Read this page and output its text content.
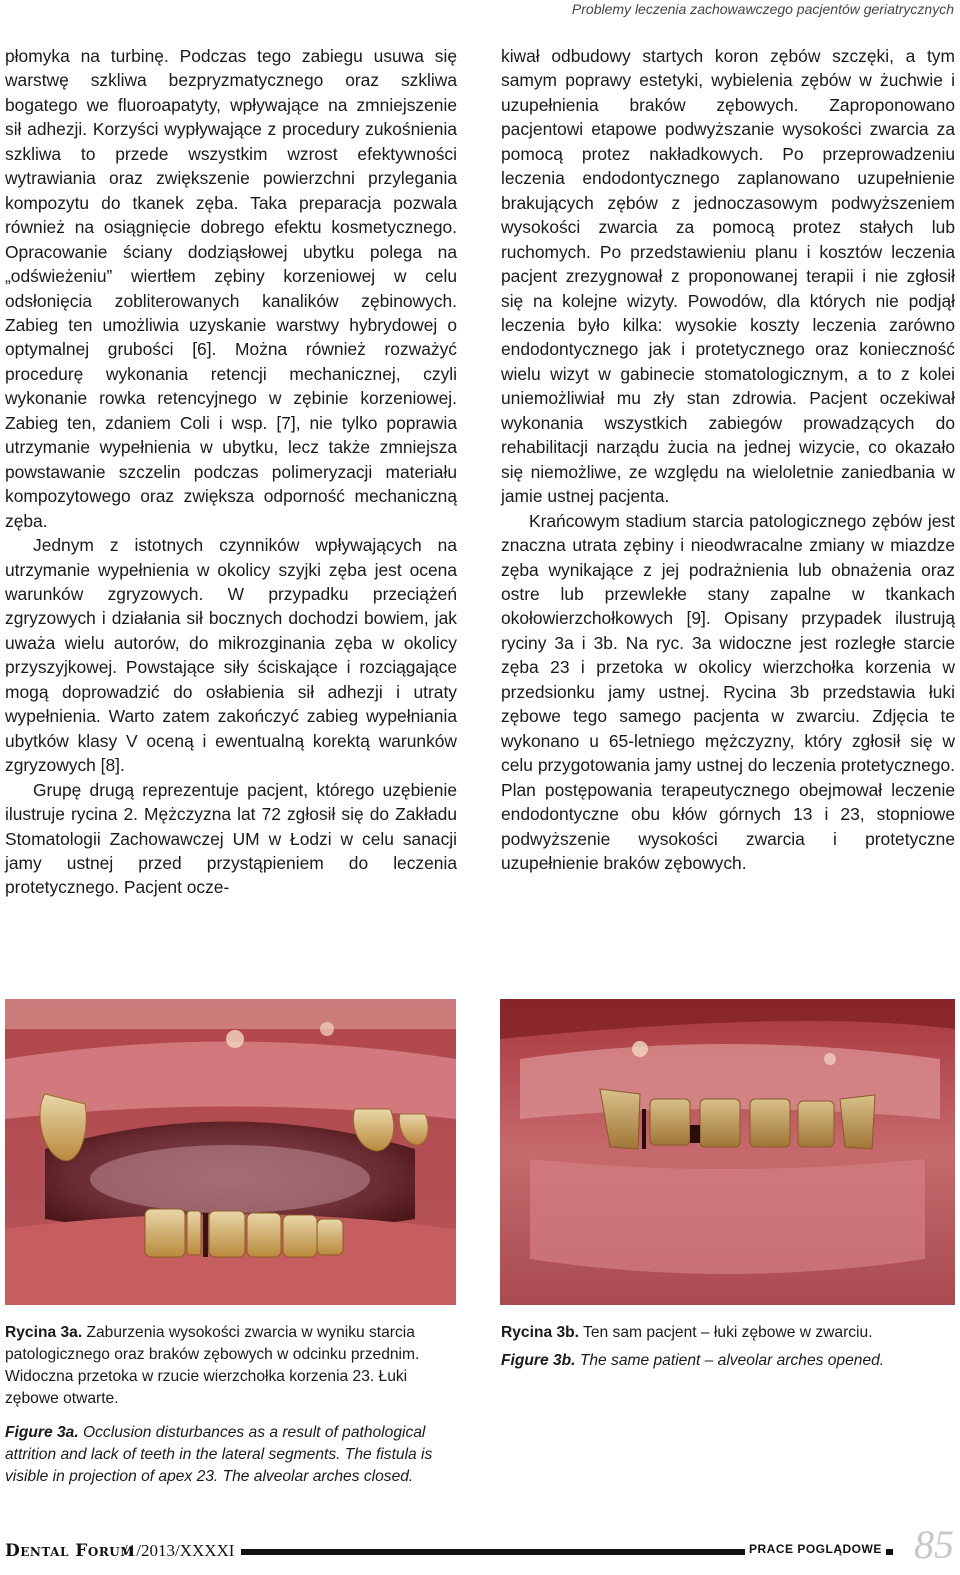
Problemy leczenia zachowawczego pacjentów geriatrycznych

płomyka na turbinę. Podczas tego zabiegu usuwa się warstwę szkliwa bezpryzmatycznego oraz szkliwa bogatego we fluoroapatyty, wpływające na zmniejszenie sił adhezji. Korzyści wypływające z procedury zukośnienia szkliwa to przede wszystkim wzrost efektywności wytrawiania oraz zwiększenie powierzchni przylegania kompozytu do tkanek zęba. Taka preparacja pozwala również na osiągnięcie dobrego efektu kosmetycznego. Opracowanie ściany dodziąsłowej ubytku polega na „odświeżeniu” wiertłem zębiny korzeniowej w celu odsłonięcia zobliterowanych kanalików zębinowych. Zabieg ten umożliwia uzyskanie warstwy hybrydowej o optymalnej grubości [6]. Można również rozważyć procedurę wykonania retencji mechanicznej, czyli wykonanie rowka retencyjnego w zębinie korzeniowej. Zabieg ten, zdaniem Coli i wsp. [7], nie tylko poprawia utrzymanie wypełnienia w ubytku, lecz także zmniejsza powstawanie szczelin podczas polimeryzacji materiału kompozytowego oraz zwiększa odporność mechaniczną zęba.

Jednym z istotnych czynników wpływających na utrzymanie wypełnienia w okolicy szyjki zęba jest ocena warunków zgryzowych. W przypadku przeciążeń zgryzowych i działania sił bocznych dochodzi bowiem, jak uważa wielu autorów, do mikrozginania zęba w okolicy przyszyjkowej. Powstające siły ściskające i rozciągające mogą doprowadzić do osłabienia sił adhezji i utraty wypełnienia. Warto zatem zakończyć zabieg wypełniania ubytków klasy V oceną i ewentualną korektą warunków zgryzowych [8].

Grupę drugą reprezentuje pacjent, którego uzębienie ilustruje rycina 2. Mężczyzna lat 72 zgłosił się do Zakładu Stomatologii Zachowawczej UM w Łodzi w celu sanacji jamy ustnej przed przystąpieniem do leczenia protetycznego. Pacjent ocze-

kiwał odbudowy startych koron zębów szczęki, a tym samym poprawy estetyki, wybielenia zębów w żuchwie i uzupełnienia braków zębowych. Zaproponowano pacjentowi etapowe podwyższanie wysokości zwarcia za pomocą protez nakładkowych. Po przeprowadzeniu leczenia endodontycznego zaplanowano uzupełnienie brakujących zębów z jednoczasowym podwyższeniem wysokości zwarcia za pomocą protez stałych lub ruchomych. Po przedstawieniu planu i kosztów leczenia pacjent zrezygnował z proponowanej terapii i nie zgłosił się na kolejne wizyty. Powodów, dla których nie podjął leczenia było kilka: wysokie koszty leczenia zarówno endodontycznego jak i protetycznego oraz konieczność wielu wizyt w gabinecie stomatologicznym, a to z kolei uniemożliwiał mu zły stan zdrowia. Pacjent oczekiwał wykonania wszystkich zabiegów prowadzących do rehabilitacji narządu żucia na jednej wizycie, co okazało się niemożliwe, ze względu na wieloletnie zaniedbania w jamie ustnej pacjenta.

Krańcowym stadium starcia patologicznego zębów jest znaczna utrata zębiny i nieodwracalne zmiany w miazdze zęba wynikające z jej podrażnienia lub obnażenia oraz ostre lub przewlekłe stany zapalne w tkankach okołowierzchołkowych [9]. Opisany przypadek ilustrują ryciny 3a i 3b. Na ryc. 3a widoczne jest rozległe starcie zęba 23 i przetoka w okolicy wierzchołka korzenia w przedsionku jamy ustnej. Rycina 3b przedstawia łuki zębowe tego samego pacjenta w zwarciu. Zdjęcia te wykonano u 65-letniego mężczyzny, który zgłosił się w celu przygotowania jamy ustnej do leczenia protetycznego. Plan postępowania terapeutycznego obejmował leczenie endodontyczne obu kłów górnych 13 i 23, stopniowe podwyższenie wysokości zwarcia i protetyczne uzupełnienie braków zębowych.

Rycina 3a. Zaburzenia wysokości zwarcia w wyniku starcia patologicznego oraz braków zębowych w odcinku przednim. Widoczna przetoka w rzucie wierzchołka korzenia 23. Łuki zębowe otwarte.

Figure 3a. Occlusion disturbances as a result of pathological attrition and lack of teeth in the lateral segments. The fistula is visible in projection of apex 23. The alveolar arches closed.

Rycina 3b. Ten sam pacjent – łuki zębowe w zwarciu.

Figure 3b. The same patient – alveolar arches opened.

Dental Forum
/1/2013/XXXXI	PRACE POGLĄDOWE 85
